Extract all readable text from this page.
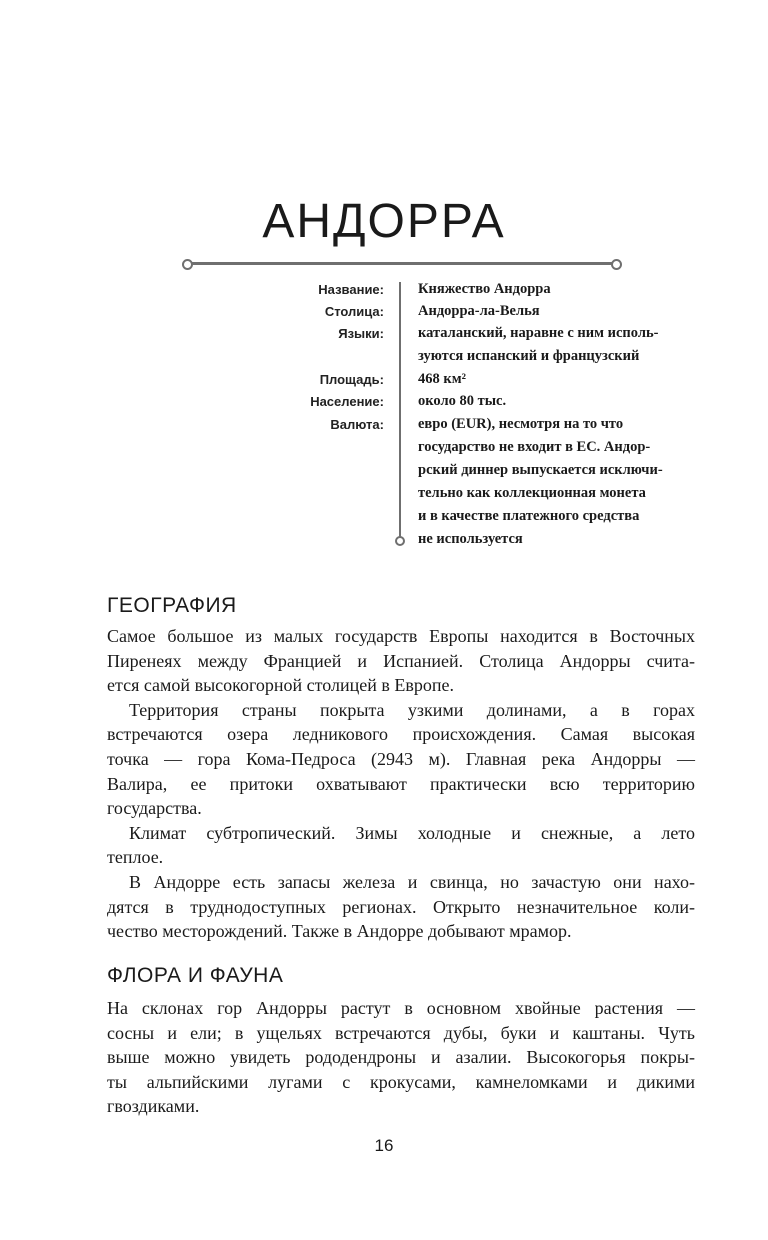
АНДОРРА
Название: Княжество Андорра
Столица: Андорра-ла-Велья
Языки: каталанский, наравне с ним исполь-
зуются испанский и французский
Площадь: 468 км²
Население: около 80 тыс.
Валюта: евро (EUR), несмотря на то что
государство не входит в ЕС. Андор-
рский диннер выпускается исключи-
тельно как коллекционная монета
и в качестве платежного средства
не используется
ГЕОГРАФИЯ
Самое большое из малых государств Европы находится в Восточных
Пиренеях между Францией и Испанией. Столица Андорры счита-
ется самой высокогорной столицей в Европе.
Территория страны покрыта узкими долинами, а в горах
встречаются озера ледникового происхождения. Самая высокая
точка — гора Кома-Педроса (2943 м). Главная река Андорры —
Валира, ее притоки охватывают практически всю территорию
государства.
Климат субтропический. Зимы холодные и снежные, а лето
теплое.
В Андорре есть запасы железа и свинца, но зачастую они нахо-
дятся в труднодоступных регионах. Открыто незначительное коли-
чество месторождений. Также в Андорре добывают мрамор.
ФЛОРА И ФАУНА
На склонах гор Андорры растут в основном хвойные растения —
сосны и ели; в ущельях встречаются дубы, буки и каштаны. Чуть
выше можно увидеть рододендроны и азалии. Высокогорья покры-
ты альпийскими лугами с крокусами, камнеломками и дикими
гвоздиками.
16
